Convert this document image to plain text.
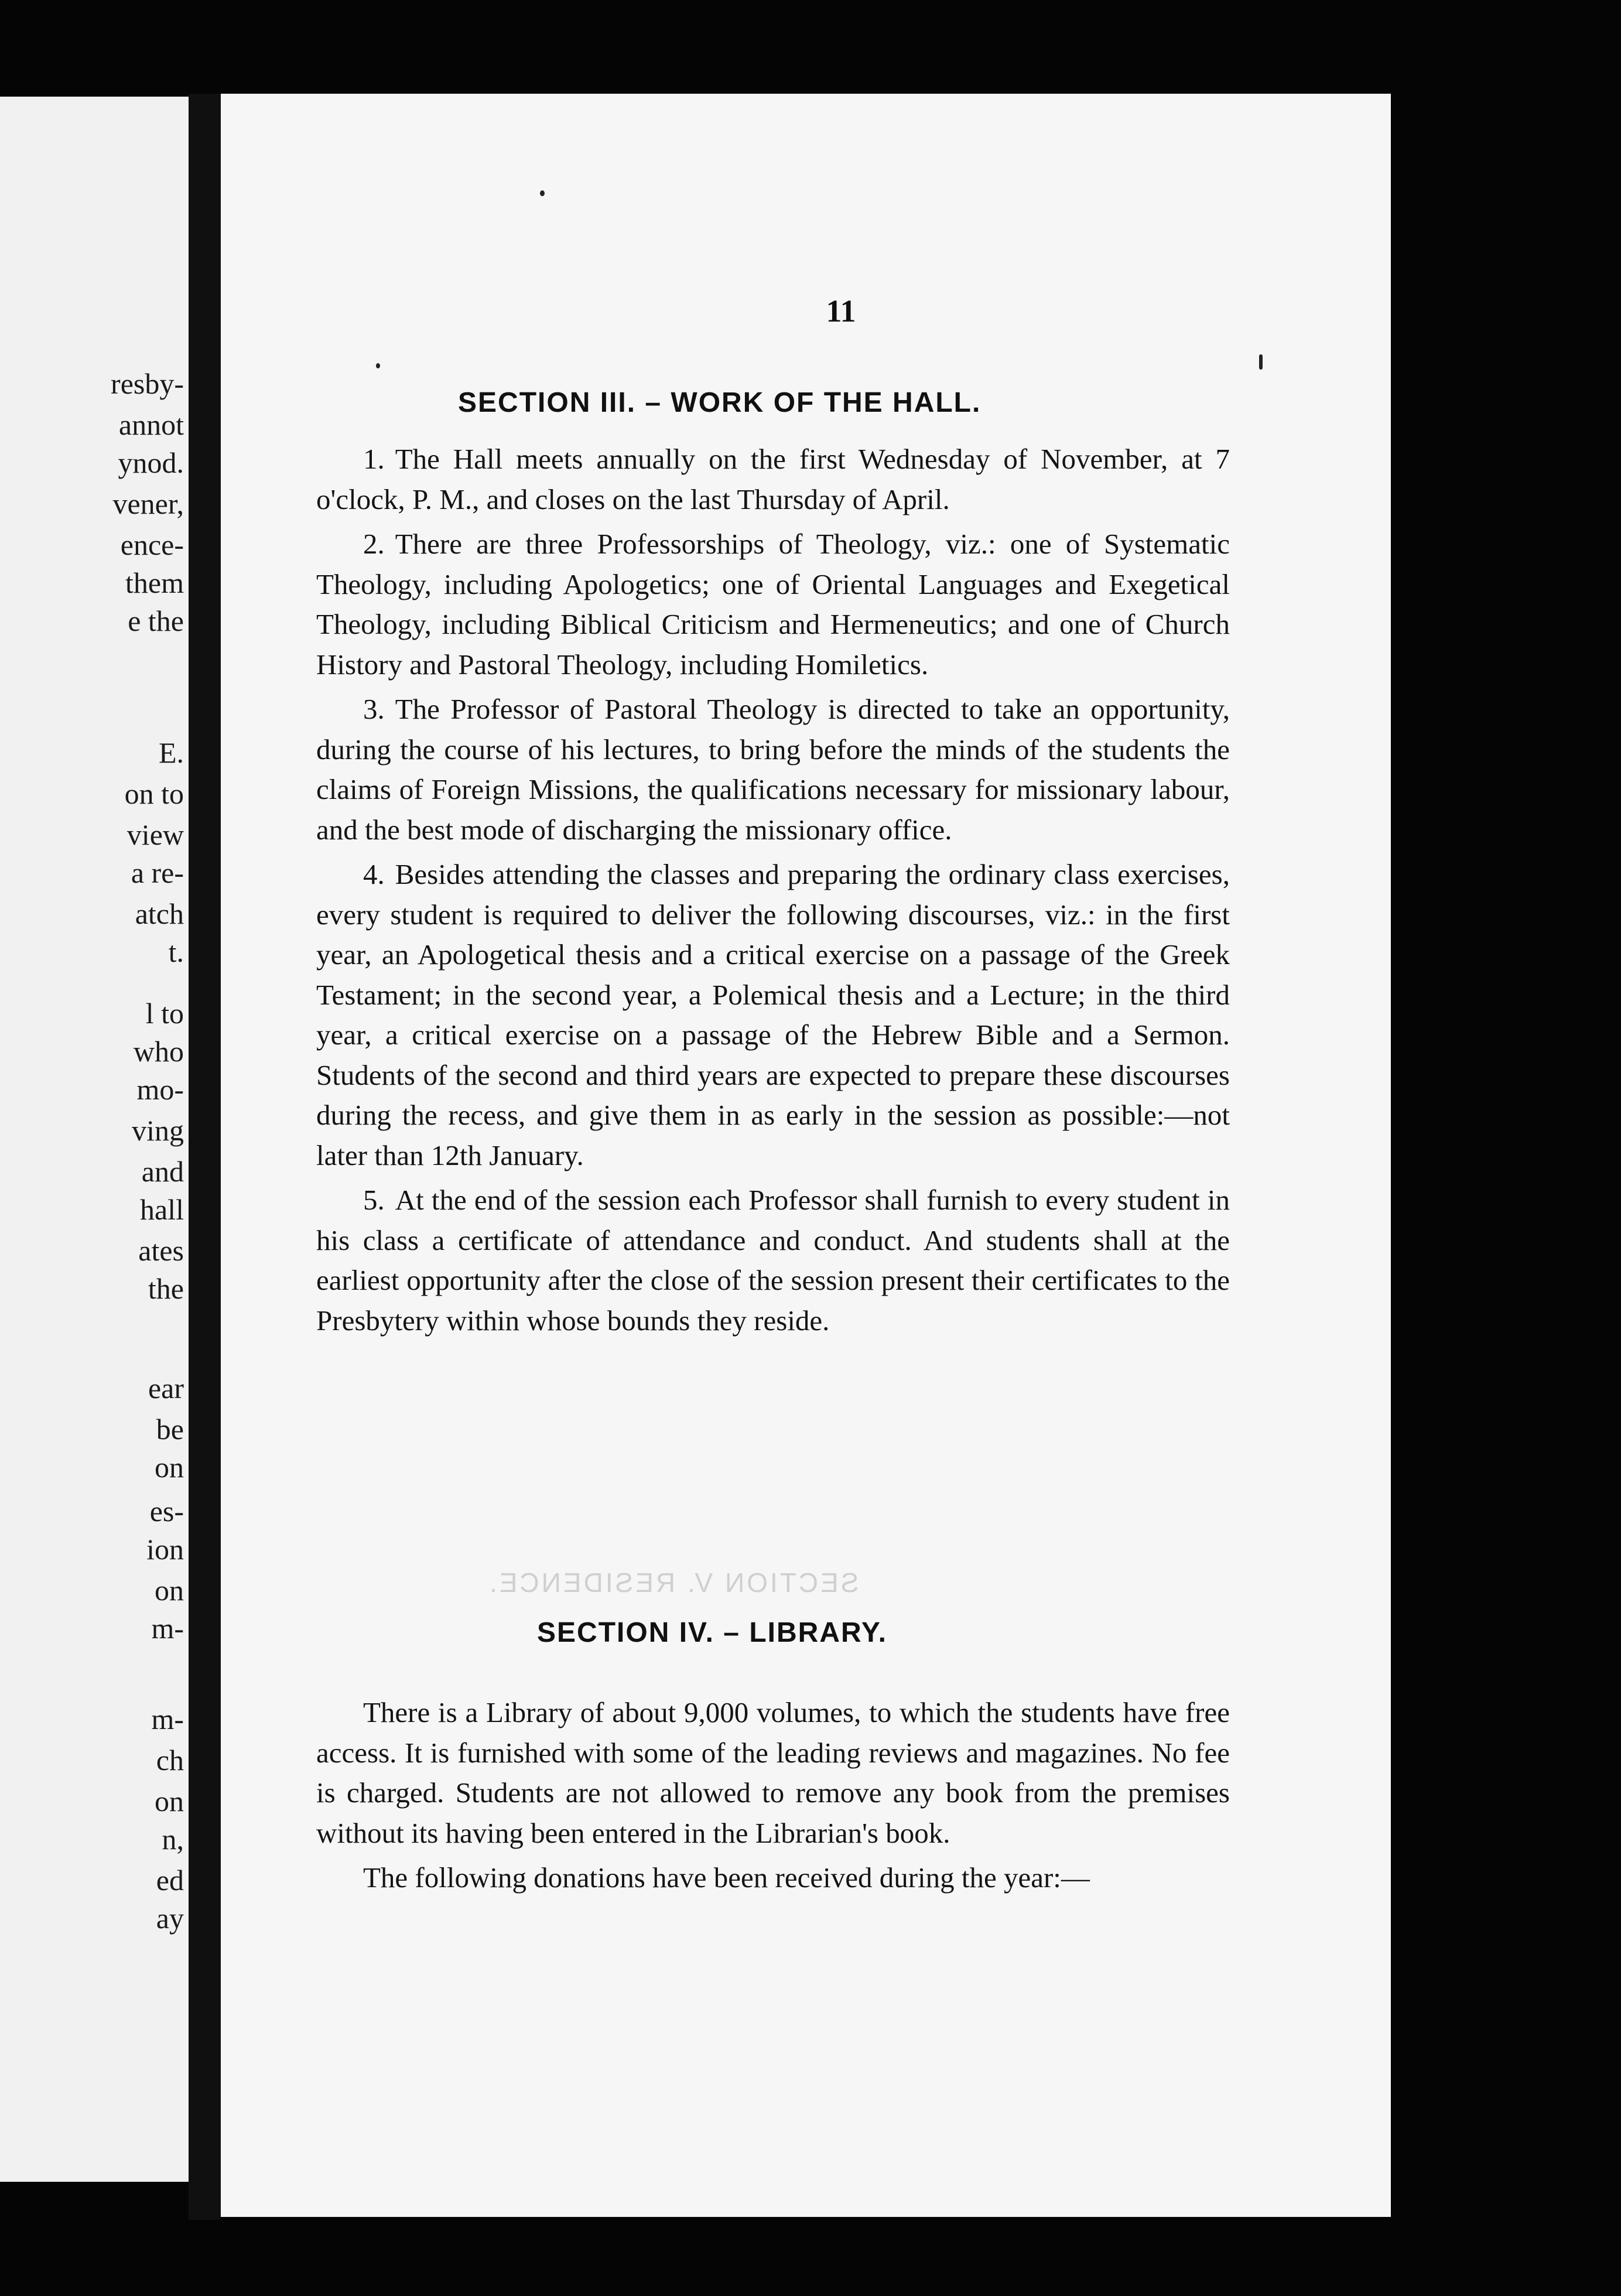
resby-
annot
ynod.
vener,
ence-
them
e the
E.
on to
view
a re-
atch
t.
l to
who
mo-
ving
and
hall
ates
the
ear
be
on
es-
ion
on
m-
m-
ch
on
n,
ed
ay
11
SECTION III. – WORK OF THE HALL.

1. The Hall meets annually on the first Wednesday of November, at 7 o'clock, P. M., and closes on the last Thursday of April.

2. There are three Professorships of Theology, viz.: one of Systematic Theology, including Apologetics; one of Oriental Languages and Exegetical Theology, including Biblical Criticism and Hermeneutics; and one of Church History and Pastoral Theology, including Homiletics.

3. The Professor of Pastoral Theology is directed to take an opportunity, during the course of his lectures, to bring before the minds of the students the claims of Foreign Missions, the qualifications necessary for missionary labour, and the best mode of discharging the missionary office.

4. Besides attending the classes and preparing the ordinary class exercises, every student is required to deliver the following discourses, viz.: in the first year, an Apologetical thesis and a critical exercise on a passage of the Greek Testament; in the second year, a Polemical thesis and a Lecture; in the third year, a critical exercise on a passage of the Hebrew Bible and a Sermon. Students of the second and third years are expected to prepare these discourses during the recess, and give them in as early in the session as possible:—not later than 12th January.

5. At the end of the session each Professor shall furnish to every student in his class a certificate of attendance and conduct. And students shall at the earliest opportunity after the close of the session present their certificates to the Presbytery within whose bounds they reside.

SECTION V. RESIDENCE.
SECTION IV. – LIBRARY.

There is a Library of about 9,000 volumes, to which the students have free access. It is furnished with some of the leading reviews and magazines. No fee is charged. Students are not allowed to remove any book from the premises without its having been entered in the Librarian's book.

The following donations have been received during the year:—
